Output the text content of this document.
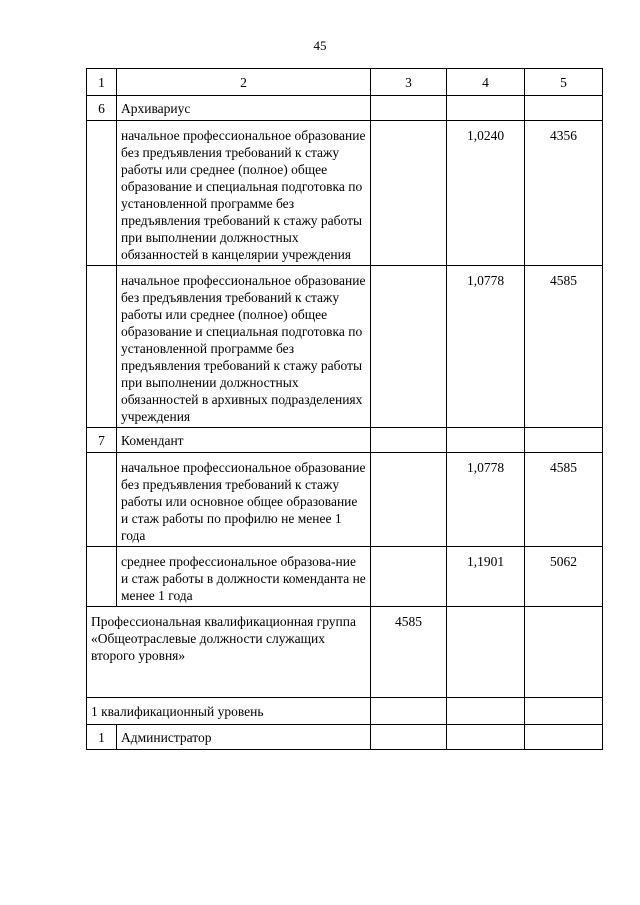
45
1	2	3	4	5
6	Архивариус			
	начальное профессиональное образование без предъявления требований к стажу работы или среднее (полное) общее образование и специальная подготовка по установленной программе без предъявления требований к стажу работы при выполнении должностных обязанностей в канцелярии учреждения		1,0240	4356
	начальное профессиональное образование без предъявления требований к стажу работы или среднее (полное) общее образование и специальная подготовка по установленной программе без предъявления требований к стажу работы при выполнении должностных обязанностей в архивных подразделениях учреждения		1,0778	4585
7	Комендант			
	начальное профессиональное образование без предъявления требований к стажу работы или основное общее образование и стаж работы по профилю не менее 1 года		1,0778	4585
	среднее профессиональное образова-ние и стаж работы в должности коменданта не менее 1 года		1,1901	5062
Профессиональная квалификационная группа «Общеотраслевые должности служащих второго уровня»		4585		
1 квалификационный уровень				
1	Администратор			
